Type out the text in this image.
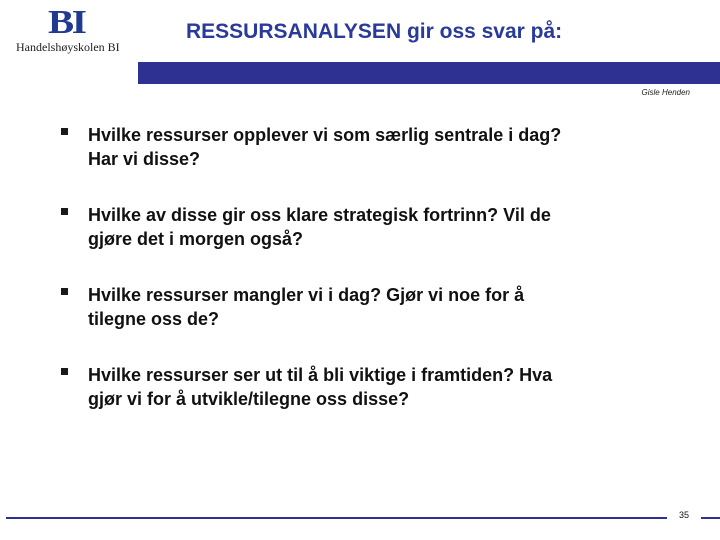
BI
Handelshøyskolen BI
RESSURSANALYSEN gir oss svar på:
Gisle Henden
Hvilke ressurser opplever vi som særlig sentrale i dag?
Har vi disse?
Hvilke av disse gir oss klare strategisk fortrinn? Vil de
gjøre det i morgen også?
Hvilke ressurser mangler vi i dag? Gjør vi noe for å
tilegne oss de?
Hvilke ressurser ser ut til å bli viktige i framtiden? Hva
gjør vi for å utvikle/tilegne oss disse?
35
